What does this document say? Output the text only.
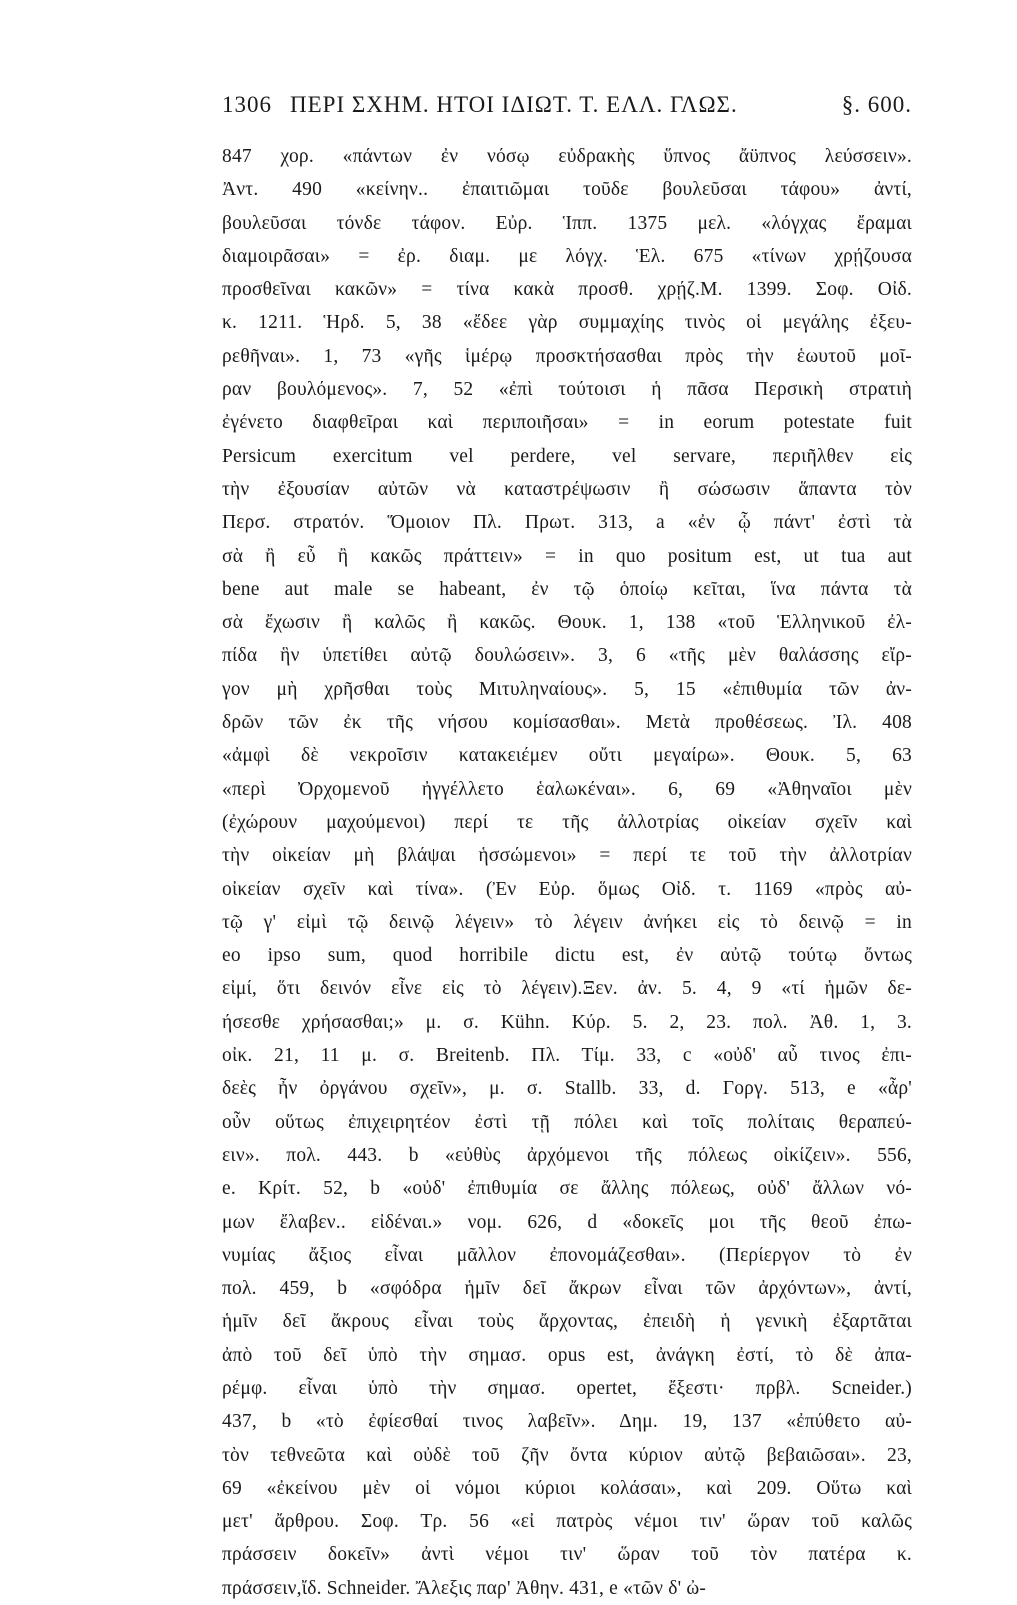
1306 ΠΕΡΙ ΣΧΗΜ. ΗΤΟΙ ΙΔΙΩΤ. Τ. ΕΛΛ. ΓΛΩΣ.	§. 600.
847 χορ. «πάντων ἐν νόσῳ εὐδρακὴς ὕπνος ἄϋπνος λεύσσειν».
Ἀντ. 490 «κείνην.. ἐπαιτιῶμαι τοῦδε βουλεῦσαι τάφου» ἀντί,
βουλεῦσαι τόνδε τάφον. Εὐρ. Ἱππ. 1375 μελ. «λόγχας ἔραμαι
διαμοιρᾶσαι» = ἐρ. διαμ. με λόγχ. Ἑλ. 675 «τίνων χρῄζουσα
προσθεῖναι κακῶν» = τίνα κακὰ προσθ. χρῄζ.Μ. 1399. Σοφ. Οἰδ.
κ. 1211. Ἡρδ. 5, 38 «ἔδεε γὰρ συμμαχίης τινὸς οἱ μεγάλης ἐξευ-
ρεθῆναι». 1, 73 «γῆς ἱμέρῳ προσκτήσασθαι πρὸς τὴν ἑωυτοῦ μοῖ-
ραν βουλόμενος». 7, 52 «ἐπὶ τούτοισι ἡ πᾶσα Περσικὴ στρατιὴ
ἐγένετο διαφθεῖραι καὶ περιποιῆσαι» = in eorum potestate fuit
Persicum exercitum vel perdere, vel servare, περιῆλθεν εἰς
τὴν ἐξουσίαν αὐτῶν νὰ καταστρέψωσιν ἢ σώσωσιν ἅπαντα τὸν
Περσ. στρατόν. Ὅμοιον Πλ. Πρωτ. 313, a «ἐν ᾧ πάντ' ἐστὶ τὰ
σὰ ἢ εὖ ἢ κακῶς πράττειν» = in quo positum est, ut tua aut
bene aut male se habeant, ἐν τῷ ὁποίῳ κεῖται, ἵνα πάντα τὰ
σὰ ἔχωσιν ἢ καλῶς ἢ κακῶς. Θουκ. 1, 138 «τοῦ Ἑλληνικοῦ ἐλ-
πίδα ἣν ὑπετίθει αὐτῷ δουλώσειν». 3, 6 «τῆς μὲν θαλάσσης εἴρ-
γον μὴ χρῆσθαι τοὺς Μιτυληναίους». 5, 15 «ἐπιθυμία τῶν ἀν-
δρῶν τῶν ἐκ τῆς νήσου κομίσασθαι». Μετὰ προθέσεως. Ἰλ. 408
«ἀμφὶ δὲ νεκροῖσιν κατακειέμεν οὔτι μεγαίρω». Θουκ. 5, 63
«περὶ Ὀρχομενοῦ ἠγγέλλετο ἑαλωκέναι». 6, 69 «Ἀθηναῖοι μὲν
(ἐχώρουν μαχούμενοι) περί τε τῆς ἀλλοτρίας οἰκείαν σχεῖν καὶ
τὴν οἰκείαν μὴ βλάψαι ἡσσώμενοι» = περί τε τοῦ τὴν ἀλλοτρίαν
οἰκείαν σχεῖν καὶ τίνα». (Ἐν Εὐρ. ὅμως Οἰδ. τ. 1169 «πρὸς αὐ-
τῷ γ' εἰμὶ τῷ δεινῷ λέγειν» τὸ λέγειν ἀνήκει εἰς τὸ δεινῷ = in
eo ipso sum, quod horribile dictu est, ἐν αὐτῷ τούτῳ ὄντως
εἰμί, ὅτι δεινόν εἶνε εἰς τὸ λέγειν).Ξεν. ἀν. 5. 4, 9 «τί ἡμῶν δε-
ήσεσθε χρήσασθαι;» μ. σ. Kühn. Κύρ. 5. 2, 23. πολ. Ἀθ. 1, 3.
οἰκ. 21, 11 μ. σ. Breitenb. Πλ. Τίμ. 33, c «οὐδ' αὖ τινος ἐπι-
δεὲς ἦν ὀργάνου σχεῖν», μ. σ. Stallb. 33, d. Γοργ. 513, e «ἆρ'
οὖν οὕτως ἐπιχειρητέον ἐστὶ τῇ πόλει καὶ τοῖς πολίταις θεραπεύ-
ειν». πολ. 443. b «εὐθὺς ἀρχόμενοι τῆς πόλεως οἰκίζειν». 556,
e. Κρίτ. 52, b «οὐδ' ἐπιθυμία σε ἄλλης πόλεως, οὐδ' ἄλλων νό-
μων ἔλαβεν.. εἰδέναι.» νομ. 626, d «δοκεῖς μοι τῆς θεοῦ ἐπω-
νυμίας ἄξιος εἶναι μᾶλλον ἐπονομάζεσθαι». (Περίεργον τὸ ἐν
πολ. 459, b «σφόδρα ἡμῖν δεῖ ἄκρων εἶναι τῶν ἀρχόντων», ἀντί,
ἡμῖν δεῖ ἄκρους εἶναι τοὺς ἄρχοντας, ἐπειδὴ ἡ γενικὴ ἐξαρτᾶται
ἀπὸ τοῦ δεῖ ὑπὸ τὴν σημασ. opus est, ἀνάγκη ἐστί, τὸ δὲ ἀπα-
ρέμφ. εἶναι ὑπὸ τὴν σημασ. opertet, ἔξεστι· πρβλ. Scneider.)
437, b «τὸ ἐφίεσθαί τινος λαβεῖν». Δημ. 19, 137 «ἐπύθετο αὐ-
τὸν τεθνεῶτα καὶ οὐδὲ τοῦ ζῆν ὄντα κύριον αὐτῷ βεβαιῶσαι». 23,
69 «ἐκείνου μὲν οἱ νόμοι κύριοι κολάσαι», καὶ 209. Οὕτω καὶ
μετ' ἄρθρου. Σοφ. Τρ. 56 «εἰ πατρὸς νέμοι τιν' ὥραν τοῦ καλῶς
πράσσειν δοκεῖν» ἀντὶ νέμοι τιν' ὥραν τοῦ τὸν πατέρα κ.
πράσσειν,ἴδ. Schneider. Ἄλεξις παρ' Ἀθην. 431, e «τῶν δ' ὠ-
